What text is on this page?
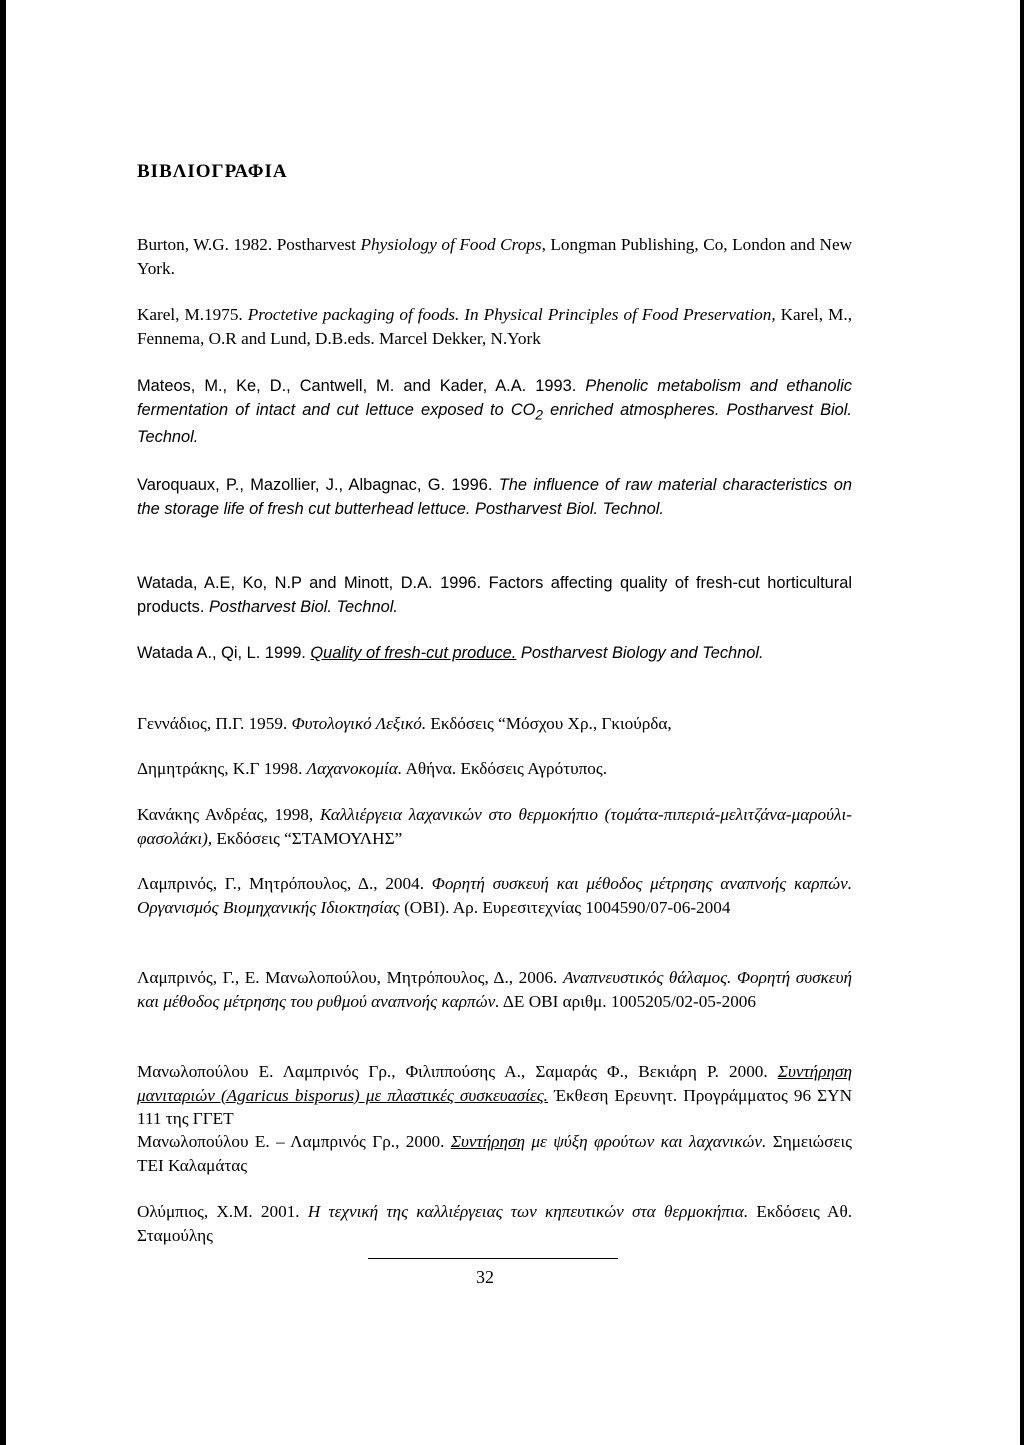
ΒΙΒΛΙΟΓΡΑΦΙΑ

Burton, W.G. 1982. Postharvest Physiology of Food Crops, Longman Publishing, Co, London and New York.

Karel, M.1975. Proctetive packaging of foods. In Physical Principles of Food Preservation, Karel, M., Fennema, O.R and Lund, D.B.eds. Marcel Dekker, N.York

Mateos, M., Ke, D., Cantwell, M. and Kader, A.A. 1993. Phenolic metabolism and ethanolic fermentation of intact and cut lettuce exposed to $CO_2$ enriched atmospheres. Postharvest Biol. Technol.

Varoquaux, P., Mazollier, J., Albagnac, G. 1996. The influence of raw material characteristics on the storage life of fresh cut butterhead lettuce. Postharvest Biol. Technol.

Watada, A.E, Ko, N.P and Minott, D.A. 1996. Factors affecting quality of fresh-cut horticultural products. Postharvest Biol. Technol.

Watada A., Qi, L. 1999. Quality of fresh-cut produce. Postharvest Biology and Technol.

Γεννάδιος, Π.Γ. 1959. Φυτολογικό Λεξικό. Εκδόσεις “Μόσχου Χρ., Γκιούρδα,

Δημητράκης, Κ.Γ 1998. Λαχανοκομία. Αθήνα. Εκδόσεις Αγρότυπος.

Κανάκης Ανδρέας, 1998, Καλλιέργεια λαχανικών στο θερμοκήπιο (τομάτα-πιπεριά-μελιτζάνα-μαρούλι-φασολάκι), Εκδόσεις “ΣΤΑΜΟΥΛΗΣ”

Λαμπρινός, Γ., Μητρόπουλος, Δ., 2004. Φορητή συσκευή και μέθοδος μέτρησης αναπνοής καρπών. Οργανισμός Βιομηχανικής Ιδιοκτησίας (ΟΒΙ). Αρ. Ευρεσιτεχνίας 1004590/07-06-2004

Λαμπρινός, Γ., Ε. Μανωλοπούλου, Μητρόπουλος, Δ., 2006. Αναπνευστικός θάλαμος. Φορητή συσκευή και μέθοδος μέτρησης του ρυθμού αναπνοής καρπών. ΔΕ ΟΒΙ αριθμ. 1005205/02-05-2006

Μανωλοπούλου Ε. Λαμπρινός Γρ., Φιλιππούσης Α., Σαμαράς Φ., Βεκιάρη Ρ. 2000. Συντήρηση μανιταριών (Agaricus bisporus) με πλαστικές συσκευασίες. Έκθεση Ερευνητ. Προγράμματος 96 ΣΥΝ 111 της ΓΓΕΤ

Μανωλοπούλου Ε. – Λαμπρινός Γρ., 2000. Συντήρηση με ψύξη φρούτων και λαχανικών. Σημειώσεις ΤΕΙ Καλαμάτας

Ολύμπιος, Χ.Μ. 2001. Η τεχνική της καλλιέργειας των κηπευτικών στα θερμοκήπια. Εκδόσεις Αθ. Σταμούλης

32
